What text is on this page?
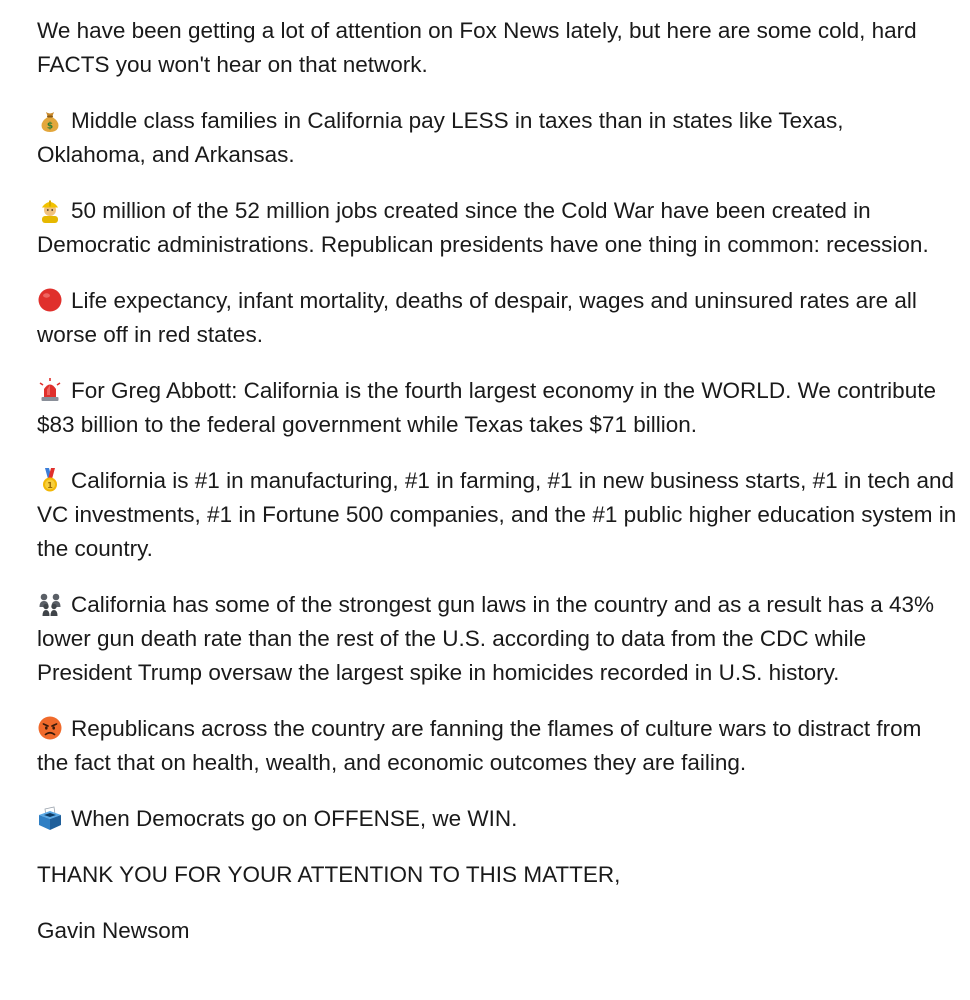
We have been getting a lot of attention on Fox News lately, but here are some cold, hard FACTS you won't hear on that network.

$ Middle class families in California pay LESS in taxes than in states like Texas, Oklahoma, and Arkansas.

50 million of the 52 million jobs created since the Cold War have been created in Democratic administrations. Republican presidents have one thing in common: recession.

Life expectancy, infant mortality, deaths of despair, wages and uninsured rates are all worse off in red states.

For Greg Abbott: California is the fourth largest economy in the WORLD. We contribute $83 billion to the federal government while Texas takes $71 billion.

1 California is #1 in manufacturing, #1 in farming, #1 in new business starts, #1 in tech and VC investments, #1 in Fortune 500 companies, and the #1 public higher education system in the country.

California has some of the strongest gun laws in the country and as a result has a 43% lower gun death rate than the rest of the U.S. according to data from the CDC while President Trump oversaw the largest spike in homicides recorded in U.S. history.

Republicans across the country are fanning the flames of culture wars to distract from the fact that on health, wealth, and economic outcomes they are failing.

When Democrats go on OFFENSE, we WIN.

THANK YOU FOR YOUR ATTENTION TO THIS MATTER,

Gavin Newsom
